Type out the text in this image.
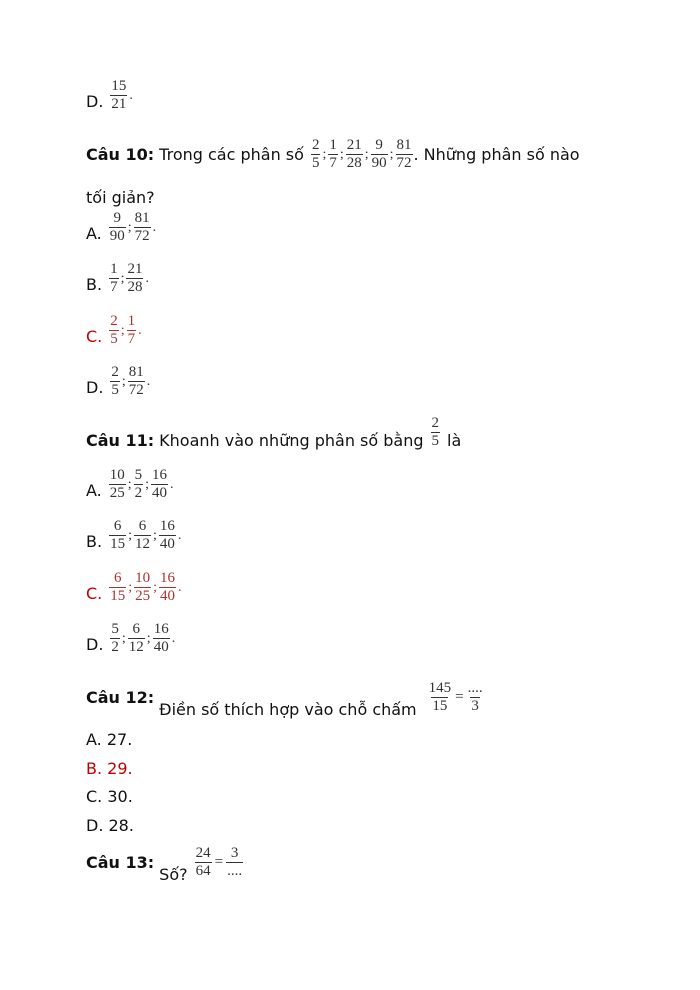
D. $\frac{15}{21}$ .
Câu 10: Trong các phân số $\frac{2}{5}$ ; $\frac{1}{7}$ ; $\frac{21}{28}$ ; $\frac{9}{90}$ ; $\frac{81}{72}$ . Những phân số nào
tối giản?
A. $\frac{9}{90}$ ; $\frac{81}{72}$ .
B. $\frac{1}{7}$ ; $\frac{21}{28}$ .
C. $\frac{2}{5}$ ; $\frac{1}{7}$ .
D. $\frac{2}{5}$ ; $\frac{81}{72}$ .
Câu 11: Khoanh vào những phân số bằng $\frac{2}{5}$ là
A. $\frac{10}{25}$ ; $\frac{5}{2}$ ; $\frac{16}{40}$ .
B. $\frac{6}{15}$ ; $\frac{6}{12}$ ; $\frac{16}{40}$ .
C. $\frac{6}{15}$ ; $\frac{10}{25}$ ; $\frac{16}{40}$ .
D. $\frac{5}{2}$ ; $\frac{6}{12}$ ; $\frac{16}{40}$ .
Câu 12:
Điền số thích hợp vào chỗ chấm $\frac{145}{15} = \frac{....}{3}$
A. 27.
B. 29.
C. 30.
D. 28.
Câu 13:
Số? $\frac{24}{64} = \frac{3}{....}$
